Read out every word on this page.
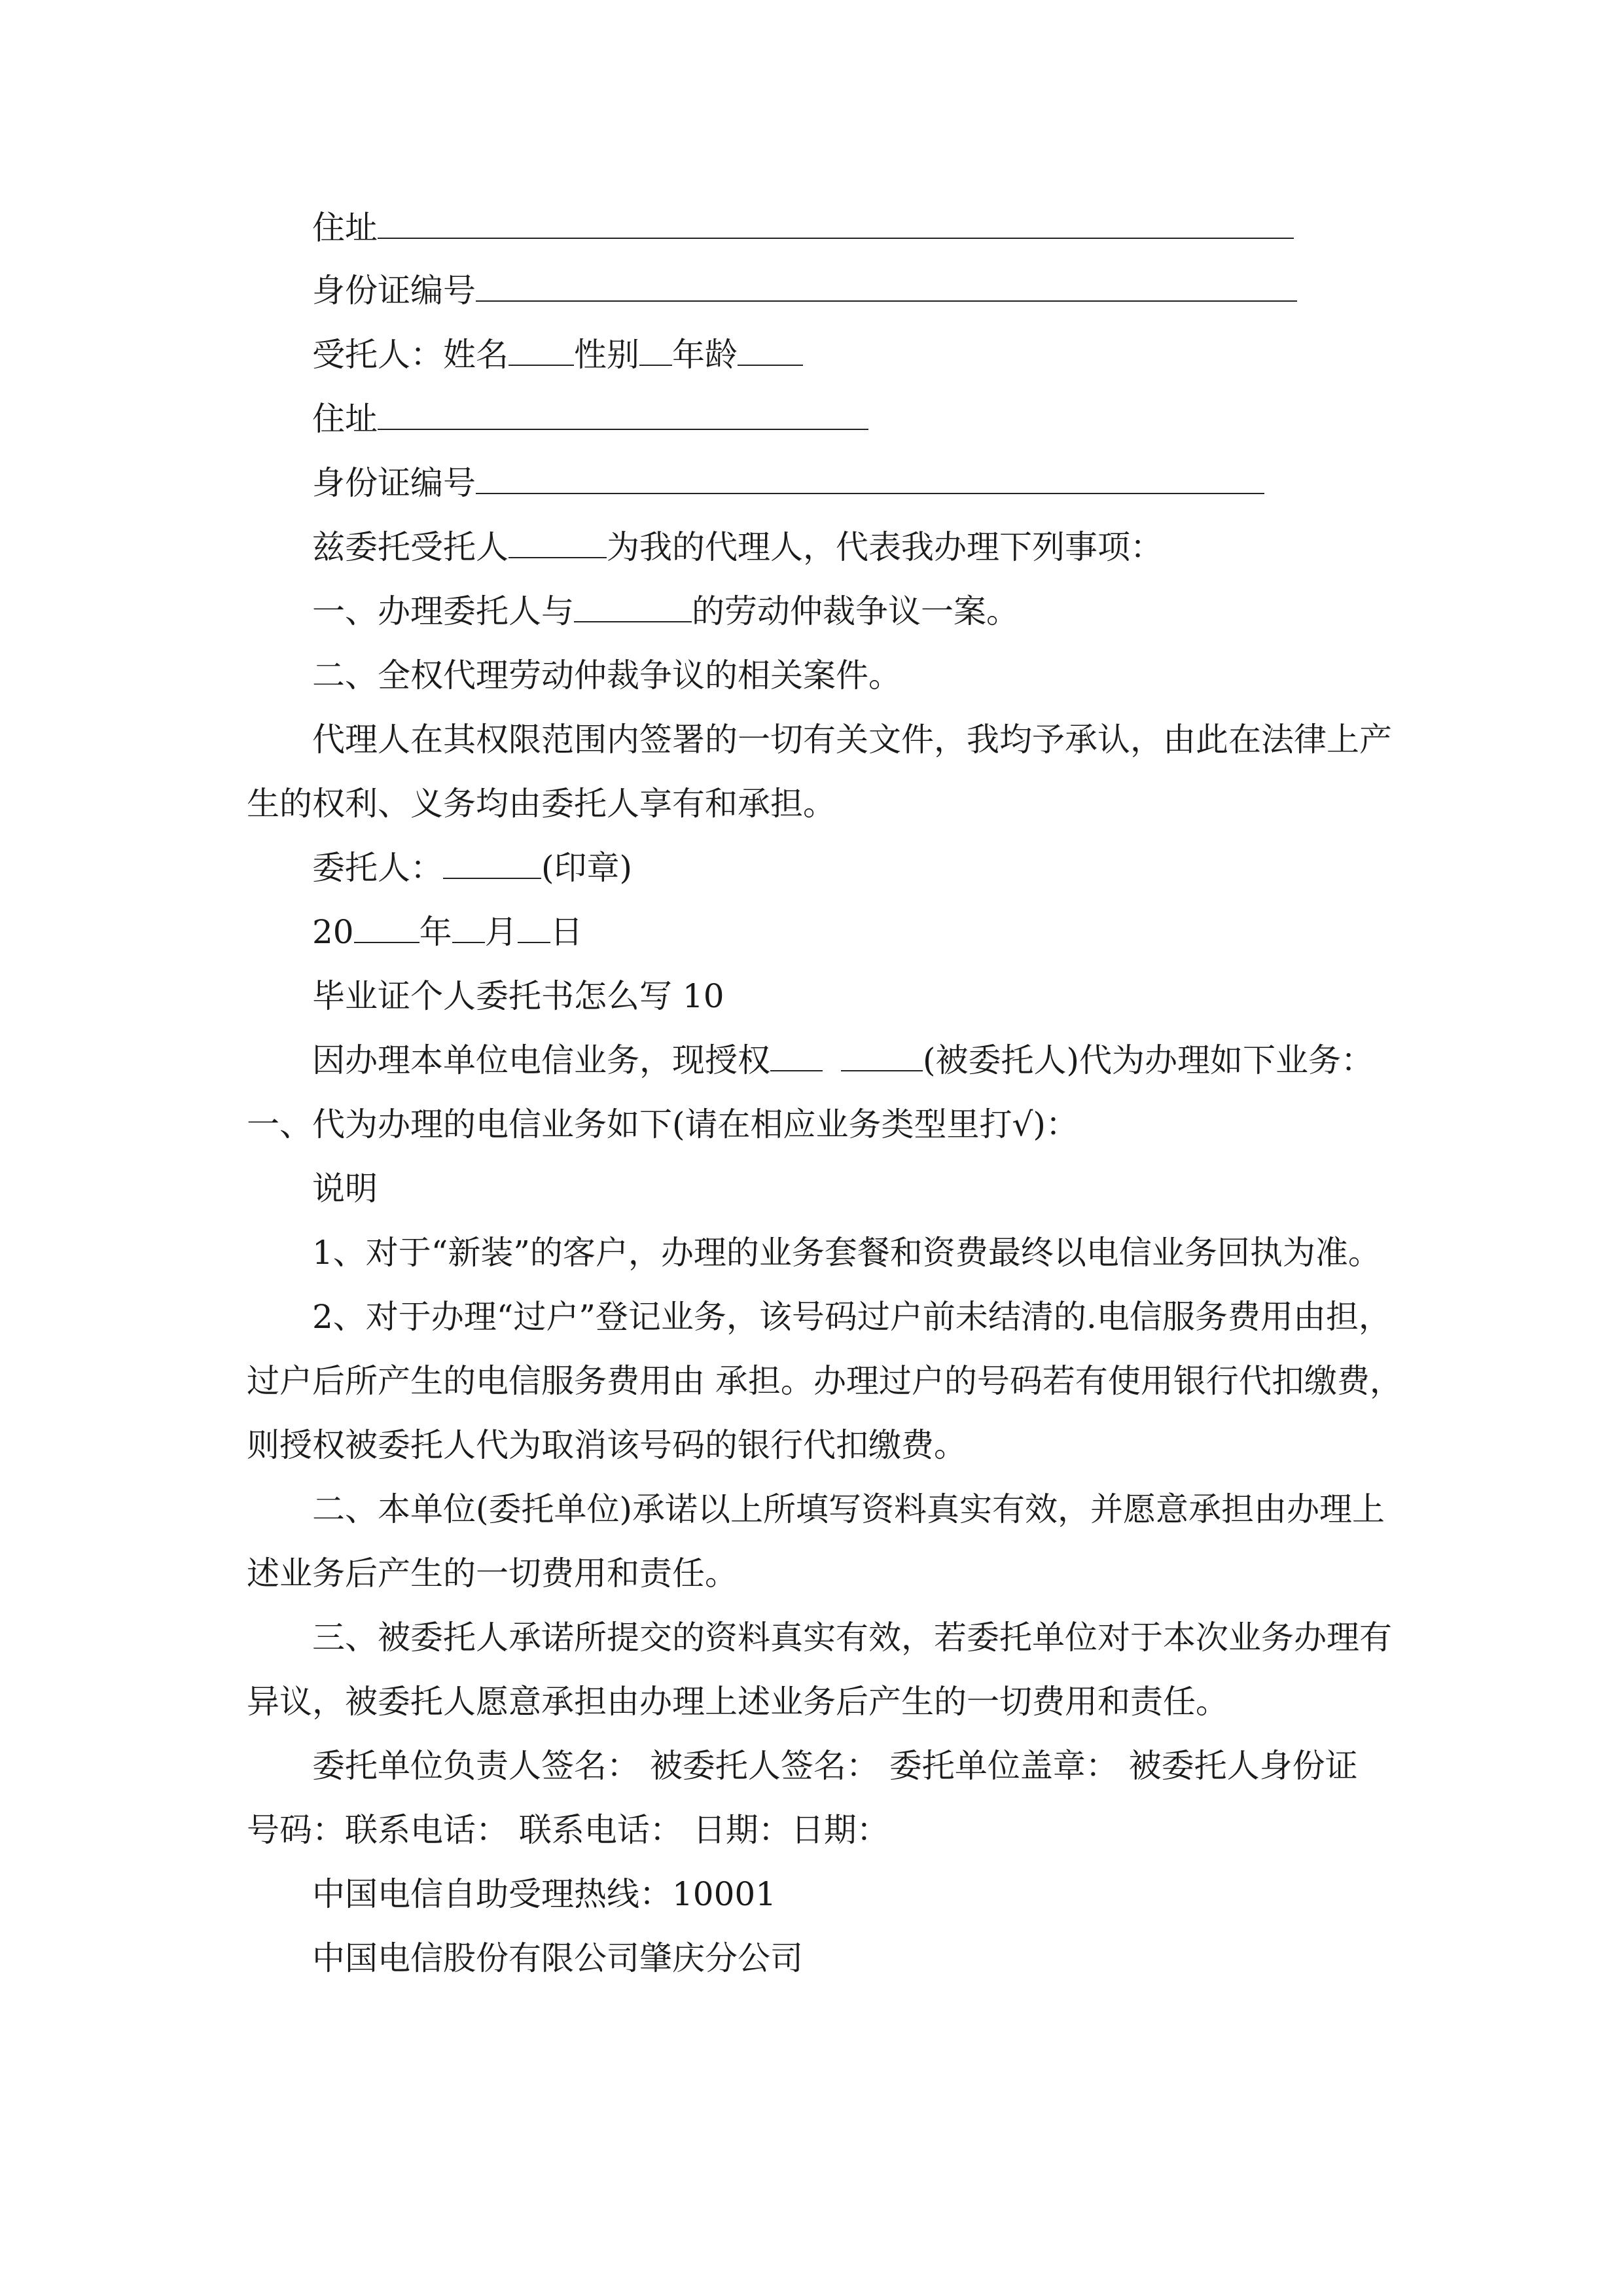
住址
身份证编号
受托人：姓名 性别 年龄
住址
身份证编号
兹委托受托人	为我的代理人，代表我办理下列事项：
一、办理委托人与	的劳动仲裁争议一案。
二、全权代理劳动仲裁争议的相关案件。
代理人在其权限范围内签署的一切有关文件，我均予承认，由此在法律上产
生的权利、义务均由委托人享有和承担。
委托人：	(印章)
20 年 月 日
毕业证个人委托书怎么写 10
因办理本单位电信业务，现授权	(被委托人)代为办理如下业务：
一、代为办理的电信业务如下(请在相应业务类型里打√)：
说明
1、对于“新装”的客户，办理的业务套餐和资费最终以电信业务回执为准。
2、对于办理“过户”登记业务，该号码过户前未结清的.电信服务费用由担，
过户后所产生的电信服务费用由 承担。办理过户的号码若有使用银行代扣缴费，
则授权被委托人代为取消该号码的银行代扣缴费。
二、本单位(委托单位)承诺以上所填写资料真实有效，并愿意承担由办理上
述业务后产生的一切费用和责任。
三、被委托人承诺所提交的资料真实有效，若委托单位对于本次业务办理有
异议，被委托人愿意承担由办理上述业务后产生的一切费用和责任。
委托单位负责人签名： 被委托人签名： 委托单位盖章： 被委托人身份证
号码：联系电话： 联系电话： 日期：日期：
中国电信自助受理热线：10001
中国电信股份有限公司肇庆分公司
